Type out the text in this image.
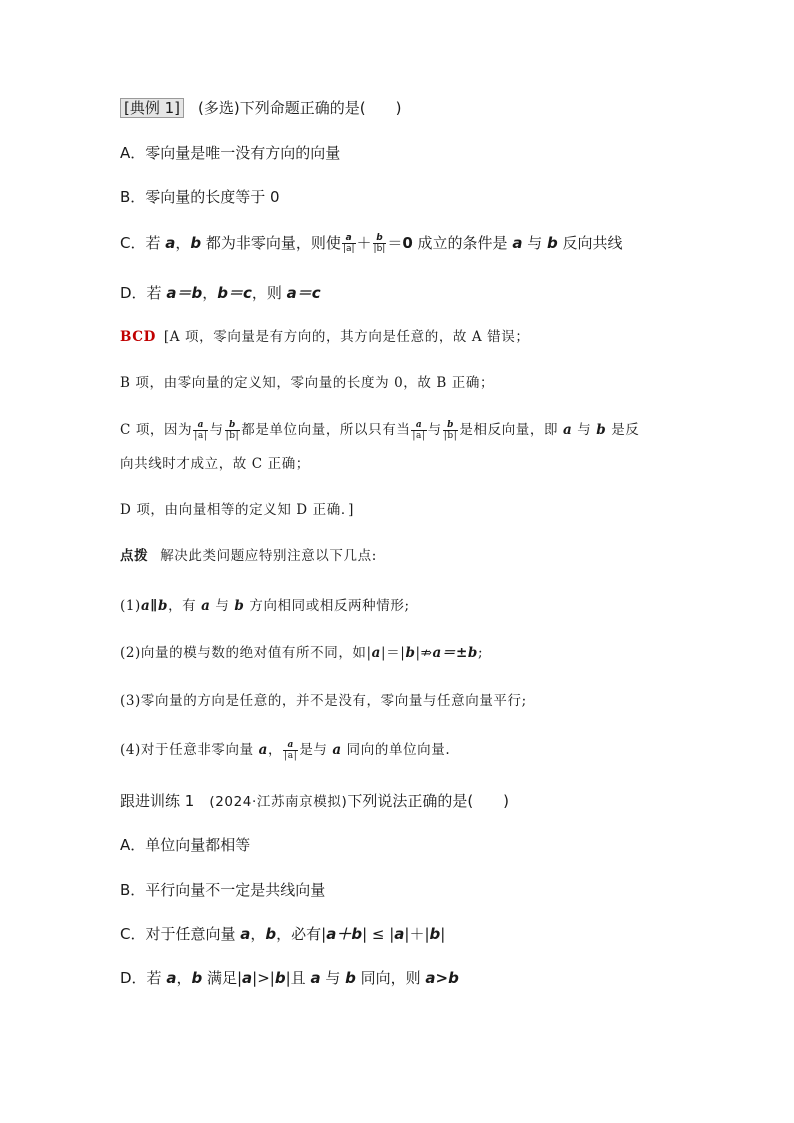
[典例 1] (多选)下列命题正确的是(　　)
A．零向量是唯一没有方向的向量
B．零向量的长度等于 0
C．若 a，b 都为非零向量，则使 $\frac{a}{|a|} + \frac{b}{|b|} =0$ 成立的条件是 a 与 b 反向共线
D．若 a＝b，b＝c，则 a＝c
BCD [A 项，零向量是有方向的，其方向是任意的，故 A 错误；
B 项，由零向量的定义知，零向量的长度为 0，故 B 正确；
C 项，因为 $\frac{a}{|a|}$ 与 $\frac{b}{|b|}$ 都是单位向量，所以只有当 $\frac{a}{|a|}$ 与 $\frac{b}{|b|}$ 是相反向量，即 a 与 b 是反
向共线时才成立，故 C 正确；
D 项，由向量相等的定义知 D 正确．]
点拨 解决此类问题应特别注意以下几点:
(1)a∥b，有 a 与 b 方向相同或相反两种情形;
(2)向量的模与数的绝对值有所不同，如|a|＝|b|⇏a＝±b;
(3)零向量的方向是任意的，并不是没有，零向量与任意向量平行;
(4)对于任意非零向量 a， $\frac{a}{|a|}$ 是与 a 同向的单位向量.
跟进训练 1　 (2024·江苏南京模拟)下列说法正确的是(　　)
A．单位向量都相等
B．平行向量不一定是共线向量
C．对于任意向量 a，b，必有|a＋b| ≤ |a|＋|b|
D．若 a，b 满足|a|>|b|且 a 与 b 同向，则 a>b
